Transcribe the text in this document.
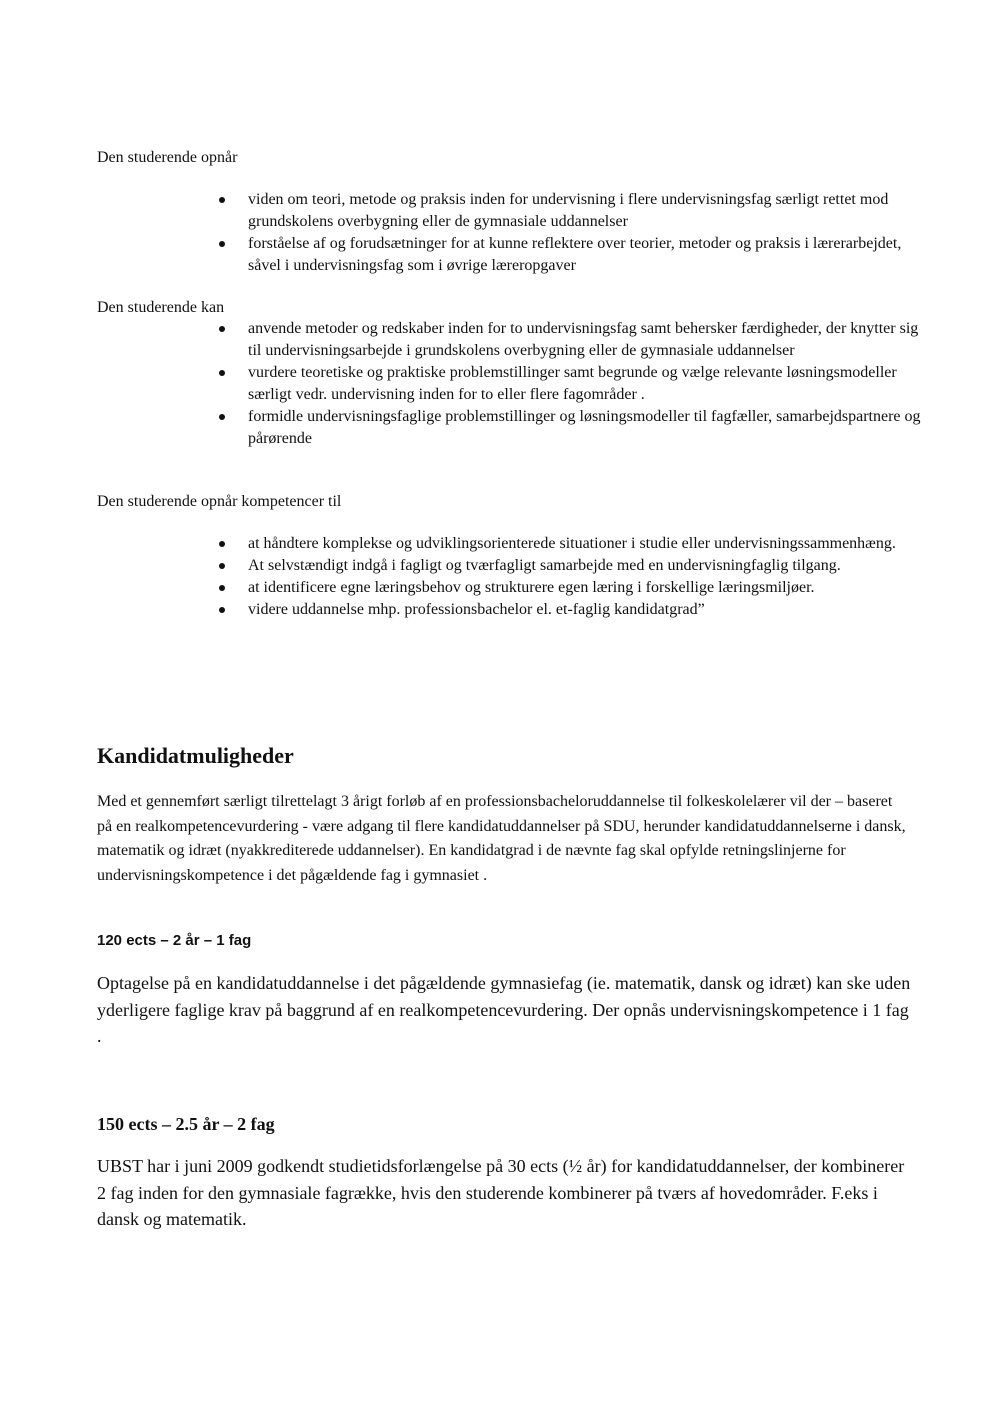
Den studerende opnår

viden om teori, metode og praksis inden for undervisning i flere undervisningsfag særligt rettet mod grundskolens overbygning eller de gymnasiale uddannelser
forståelse af og forudsætninger for at kunne reflektere over teorier, metoder og praksis i lærerarbejdet, såvel i undervisningsfag som i øvrige læreropgaver

Den studerende kan

anvende metoder og redskaber inden for to undervisningsfag samt behersker færdigheder, der knytter sig til undervisningsarbejde i grundskolens overbygning eller de gymnasiale uddannelser
vurdere teoretiske og praktiske problemstillinger samt begrunde og vælge relevante løsningsmodeller særligt vedr. undervisning inden for to eller flere fagområder .
formidle undervisningsfaglige problemstillinger og løsningsmodeller til fagfæller, samarbejdspartnere og pårørende

Den studerende opnår kompetencer til

at håndtere komplekse og udviklingsorienterede situationer i studie eller undervisningssammenhæng.
At selvstændigt indgå i fagligt og tværfagligt samarbejde med en undervisningfaglig tilgang.
at identificere egne læringsbehov og strukturere egen læring i forskellige læringsmiljøer.
videre uddannelse mhp. professionsbachelor el. et-faglig kandidatgrad”
Kandidatmuligheder

Med et gennemført særligt tilrettelagt 3 årigt forløb af en professionsbacheloruddannelse til folkeskolelærer vil der – baseret på en realkompetencevurdering - være adgang til flere kandidatuddannelser på SDU, herunder kandidatuddannelserne i dansk, matematik og idræt (nyakkrediterede uddannelser). En kandidatgrad i de nævnte fag skal opfylde retningslinjerne for undervisningskompetence i det pågældende fag i gymnasiet .

120 ects – 2 år – 1 fag

Optagelse på en kandidatuddannelse i det pågældende gymnasiefag (ie. matematik, dansk og idræt) kan ske uden yderligere faglige krav på baggrund af en realkompetencevurdering. Der opnås undervisningskompetence i 1 fag .

150 ects – 2.5 år – 2 fag

UBST har i juni 2009 godkendt studietidsforlængelse på 30 ects (½ år) for kandidatuddannelser, der kombinerer 2 fag inden for den gymnasiale fagrække, hvis den studerende kombinerer på tværs af hovedområder. F.eks i dansk og matematik.
